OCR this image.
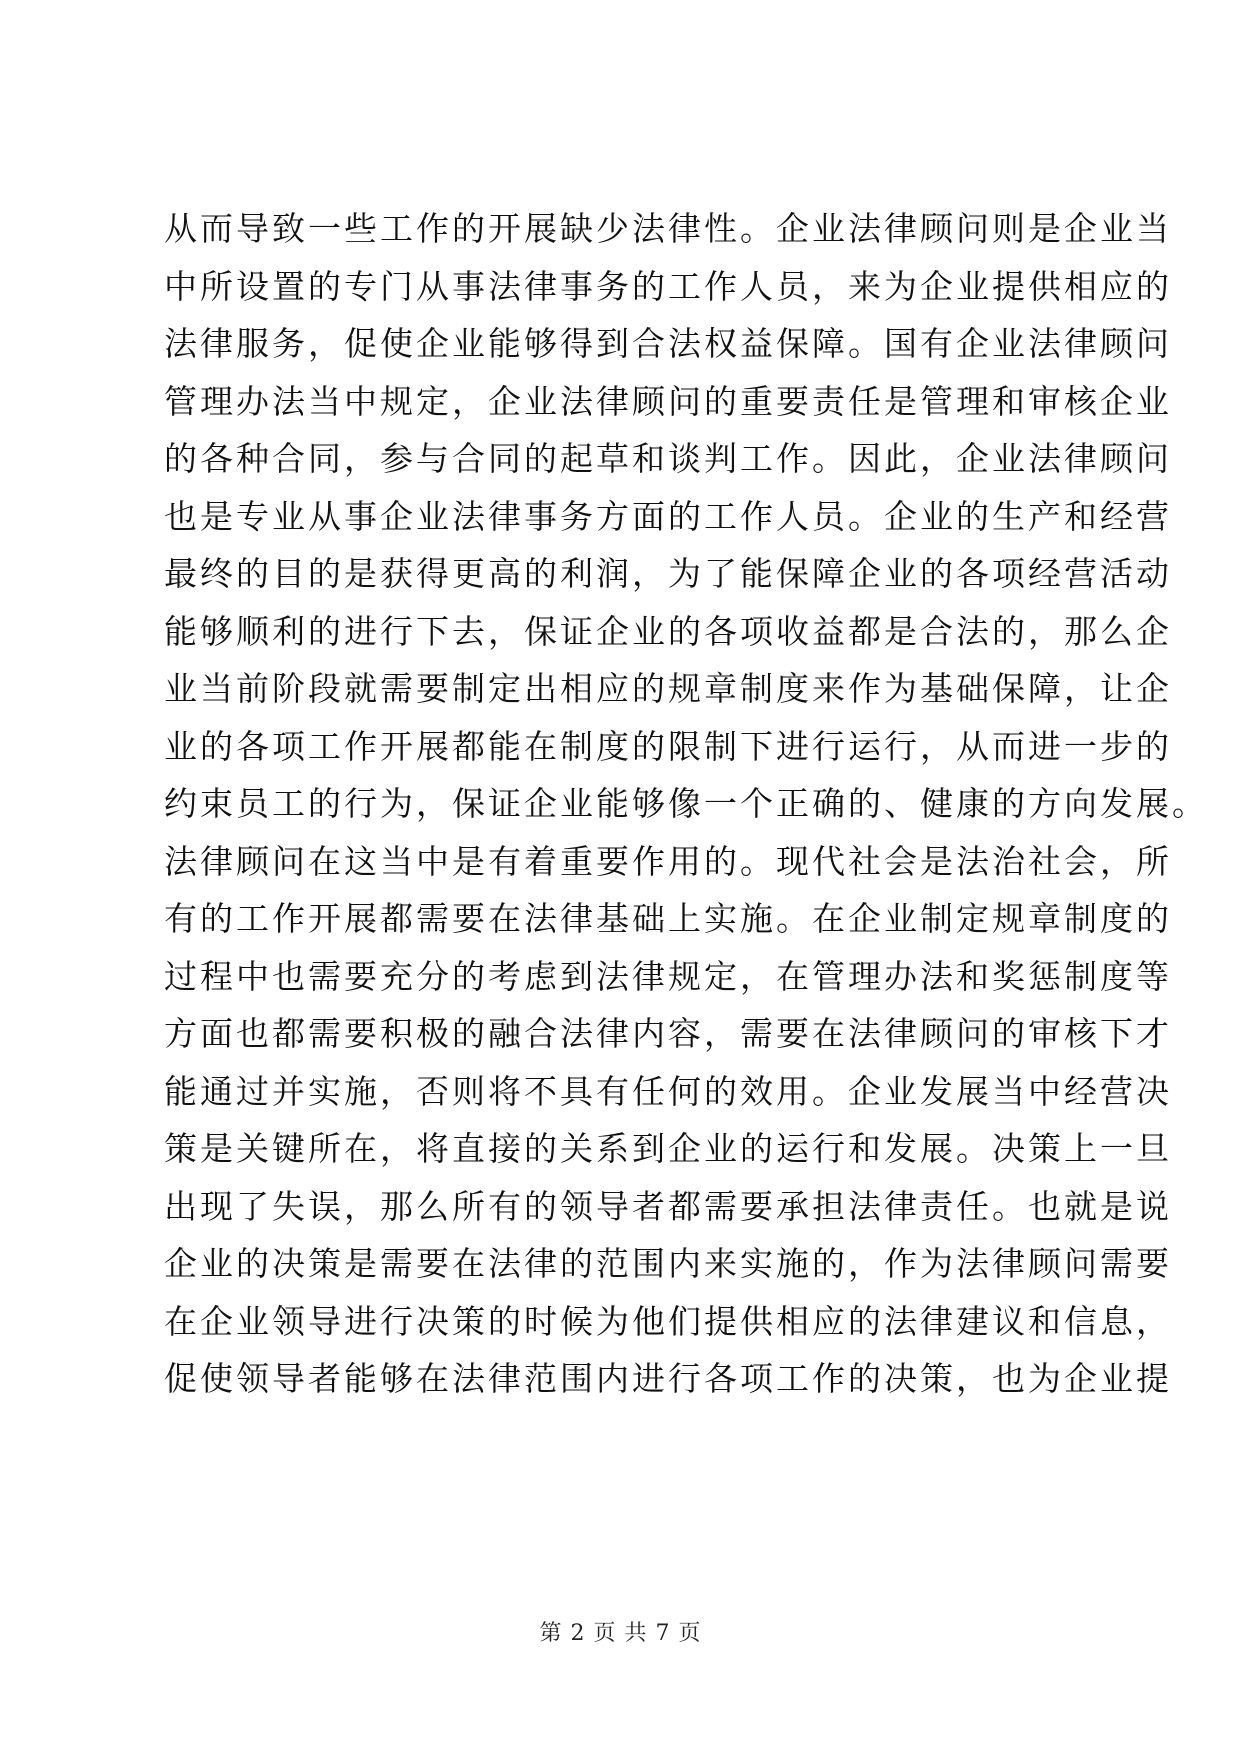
从而导致一些工作的开展缺少法律性。企业法律顾问则是企业当
中所设置的专门从事法律事务的工作人员，来为企业提供相应的
法律服务，促使企业能够得到合法权益保障。国有企业法律顾问
管理办法当中规定，企业法律顾问的重要责任是管理和审核企业
的各种合同，参与合同的起草和谈判工作。因此，企业法律顾问
也是专业从事企业法律事务方面的工作人员。企业的生产和经营
最终的目的是获得更高的利润，为了能保障企业的各项经营活动
能够顺利的进行下去，保证企业的各项收益都是合法的，那么企
业当前阶段就需要制定出相应的规章制度来作为基础保障，让企
业的各项工作开展都能在制度的限制下进行运行，从而进一步的
约束员工的行为，保证企业能够像一个正确的、健康的方向发展。
法律顾问在这当中是有着重要作用的。现代社会是法治社会，所
有的工作开展都需要在法律基础上实施。在企业制定规章制度的
过程中也需要充分的考虑到法律规定，在管理办法和奖惩制度等
方面也都需要积极的融合法律内容，需要在法律顾问的审核下才
能通过并实施，否则将不具有任何的效用。企业发展当中经营决
策是关键所在，将直接的关系到企业的运行和发展。决策上一旦
出现了失误，那么所有的领导者都需要承担法律责任。也就是说
企业的决策是需要在法律的范围内来实施的，作为法律顾问需要
在企业领导进行决策的时候为他们提供相应的法律建议和信息，
促使领导者能够在法律范围内进行各项工作的决策，也为企业提
第 2 页 共 7 页
